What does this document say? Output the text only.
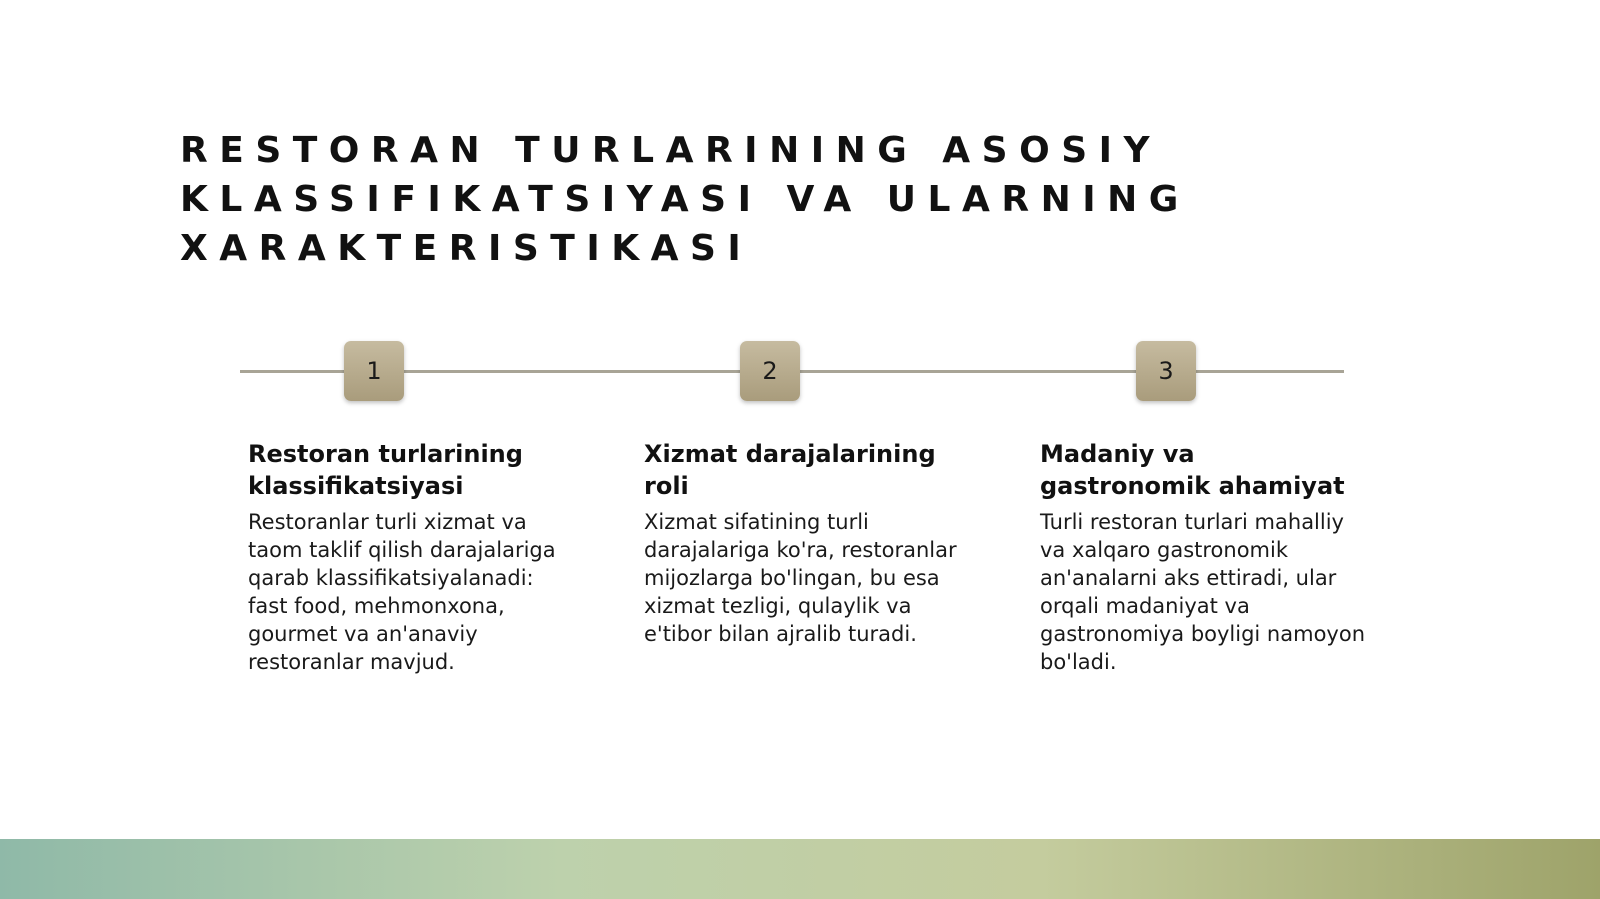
RESTORAN TURLARINING ASOSIY KLASSIFIKATSIYASI VA ULARNING XARAKTERISTIKASI
1	2	3
Restoran turlarining klassifikatsiyasi

Restoranlar turli xizmat va taom taklif qilish darajalariga qarab klassifikatsiyalanadi: fast food, mehmonxona, gourmet va an'anaviy restoranlar mavjud.

Xizmat darajalarining roli

Xizmat sifatining turli darajalariga ko'ra, restoranlar mijozlarga bo'lingan, bu esa xizmat tezligi, qulaylik va e'tibor bilan ajralib turadi.

Madaniy va gastronomik ahamiyat

Turli restoran turlari mahalliy va xalqaro gastronomik an'analarni aks ettiradi, ular orqali madaniyat va gastronomiya boyligi namoyon bo'ladi.
